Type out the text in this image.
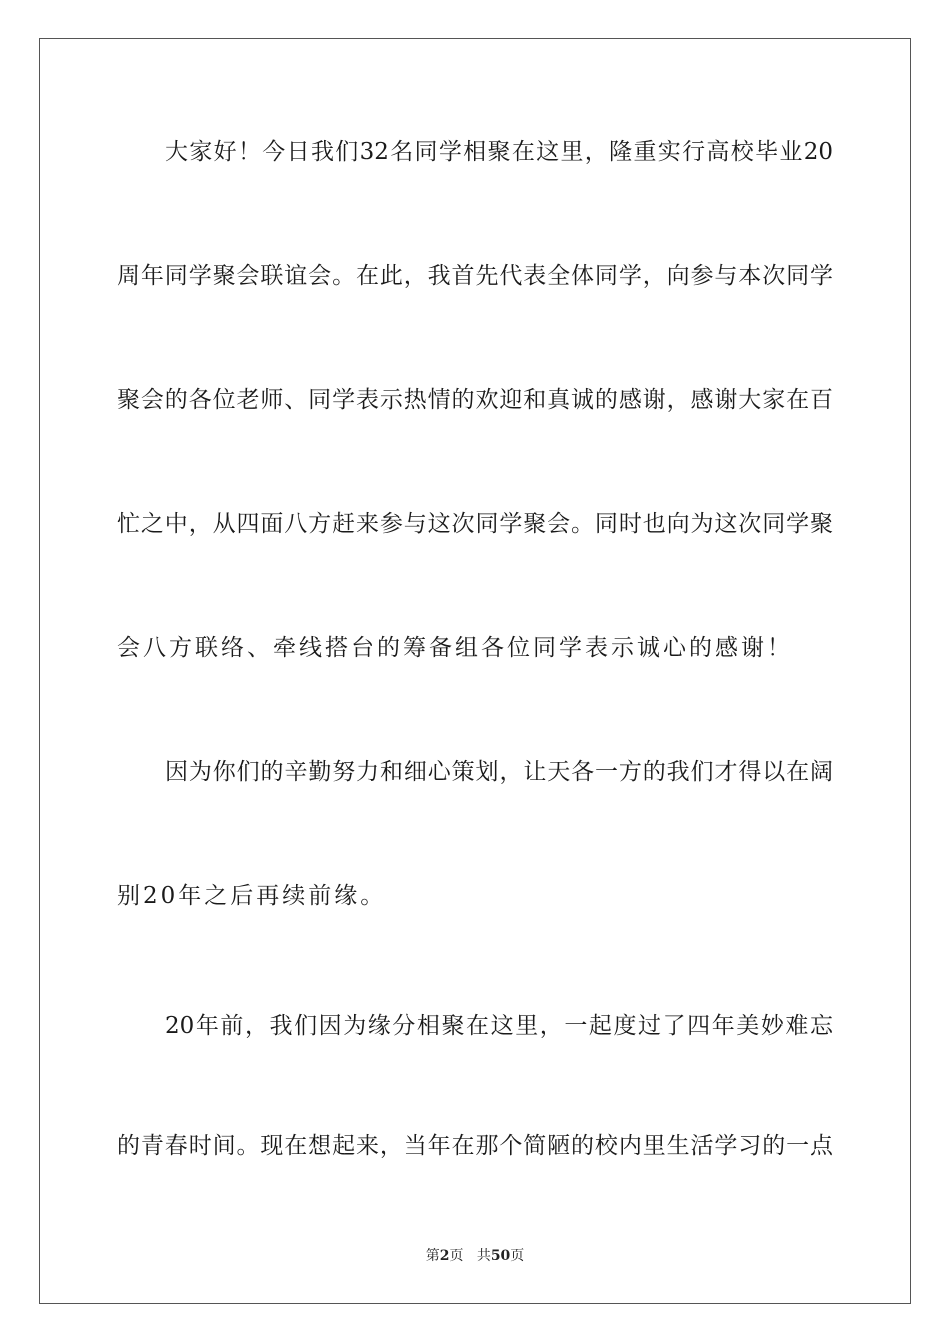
大家好！今日我们32名同学相聚在这里，隆重实行高校毕业20
周年同学聚会联谊会。在此，我首先代表全体同学，向参与本次同学
聚会的各位老师、同学表示热情的欢迎和真诚的感谢，感谢大家在百
忙之中，从四面八方赶来参与这次同学聚会。同时也向为这次同学聚
会八方联络、牵线搭台的筹备组各位同学表示诚心的感谢！
因为你们的辛勤努力和细心策划，让天各一方的我们才得以在阔
别20年之后再续前缘。
20年前，我们因为缘分相聚在这里，一起度过了四年美妙难忘
的青春时间。现在想起来，当年在那个简陋的校内里生活学习的一点
第2页 共50页
